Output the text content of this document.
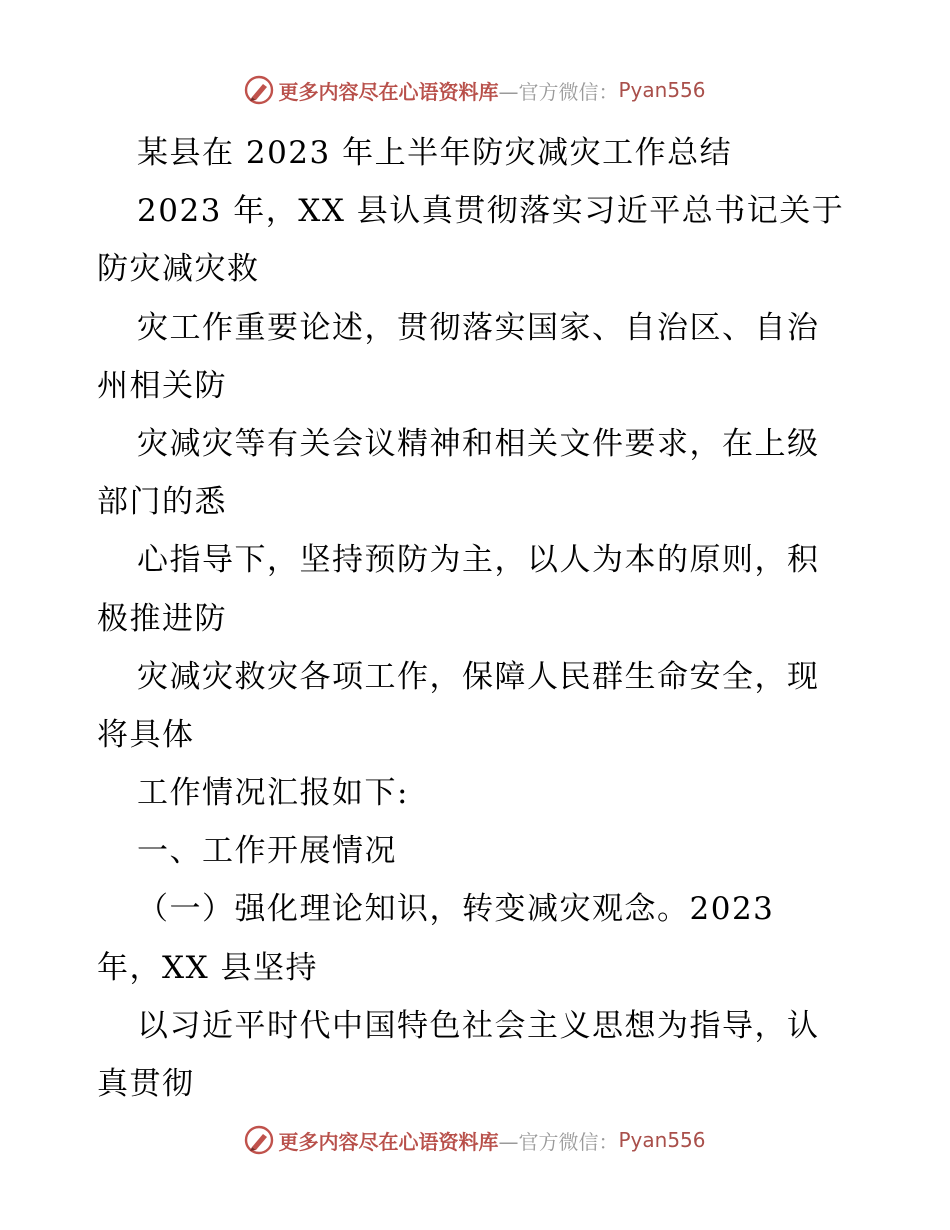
更多内容尽在心语资料库 —官方微信： Pyan556
某县在 2023 年上半年防灾减灾工作总结
2023 年，XX 县认真贯彻落实习近平总书记关于
防灾减灾救
灾工作重要论述，贯彻落实国家、自治区、自治
州相关防
灾减灾等有关会议精神和相关文件要求，在上级
部门的悉
心指导下，坚持预防为主，以人为本的原则，积
极推进防
灾减灾救灾各项工作，保障人民群生命安全，现
将具体
工作情况汇报如下:
一、工作开展情况
（一）强化理论知识，转变减灾观念。2023
年，XX 县坚持
以习近平时代中国特色社会主义思想为指导，认
真贯彻
更多内容尽在心语资料库 —官方微信： Pyan556
